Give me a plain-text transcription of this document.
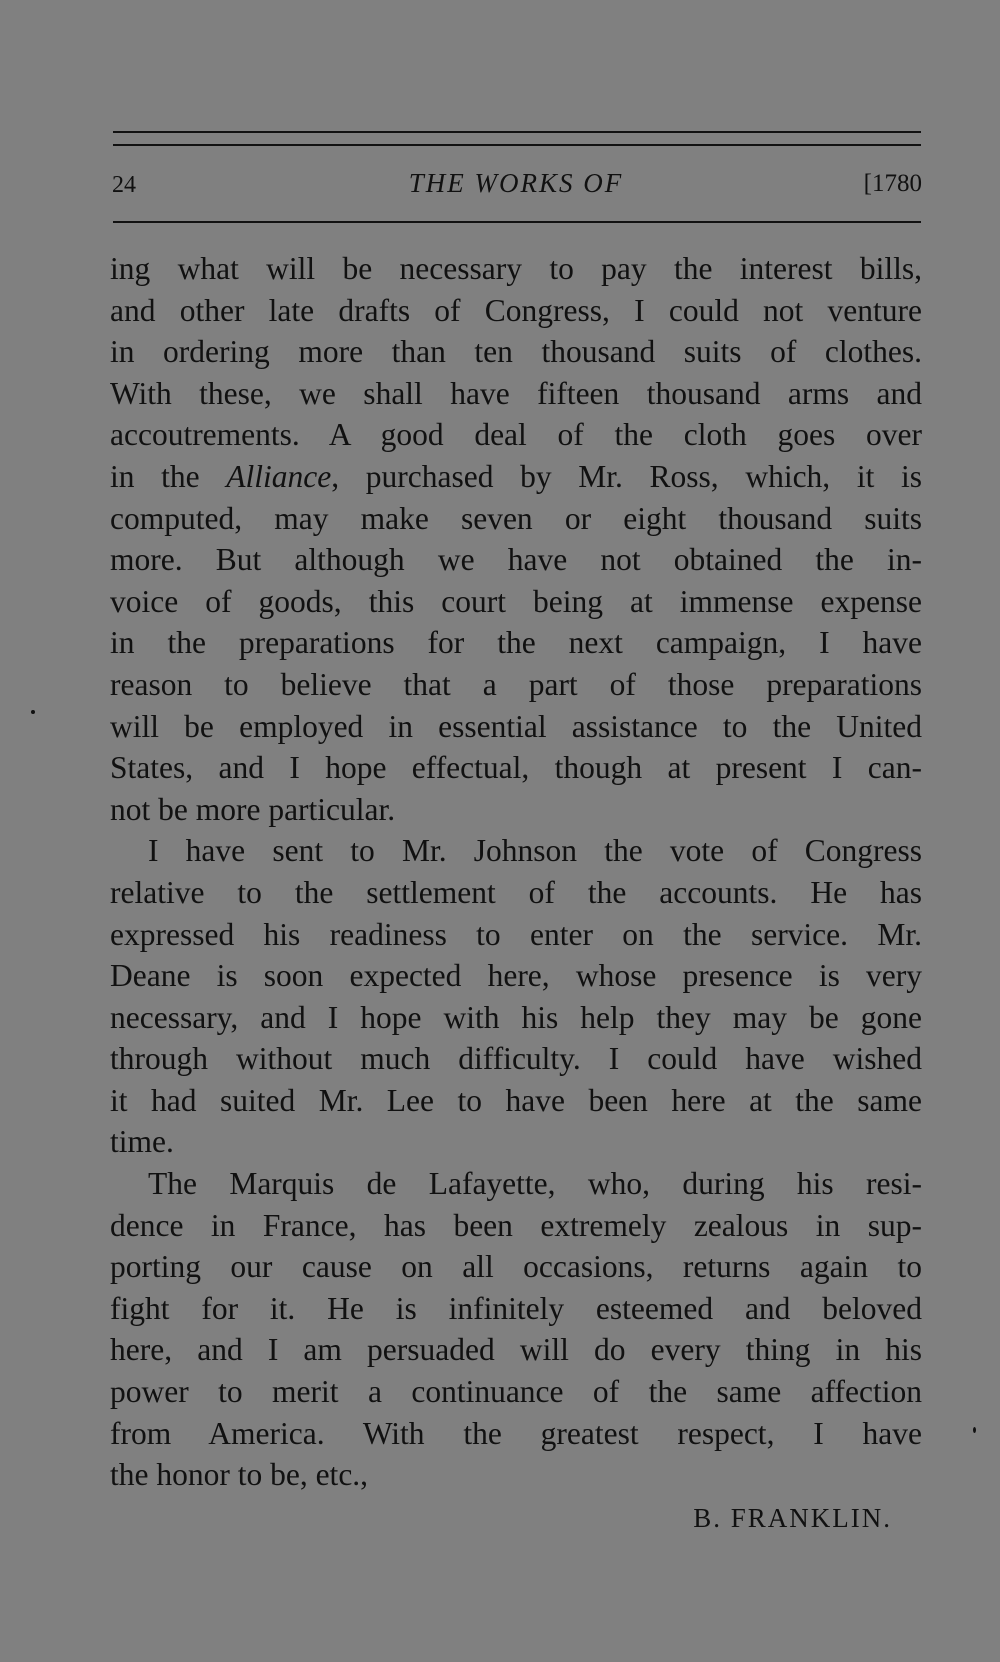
24	THE WORKS OF	[1780
ing what will be necessary to pay the interest bills,
and other late drafts of Congress, I could not venture
in ordering more than ten thousand suits of clothes.
With these, we shall have fifteen thousand arms and
accoutrements. A good deal of the cloth goes over
in the Alliance, purchased by Mr. Ross, which, it is
computed, may make seven or eight thousand suits
more. But although we have not obtained the in-
voice of goods, this court being at immense expense
in the preparations for the next campaign, I have
reason to believe that a part of those preparations
will be employed in essential assistance to the United
States, and I hope effectual, though at present I can-
not be more particular.
I have sent to Mr. Johnson the vote of Congress
relative to the settlement of the accounts. He has
expressed his readiness to enter on the service. Mr.
Deane is soon expected here, whose presence is very
necessary, and I hope with his help they may be gone
through without much difficulty. I could have wished
it had suited Mr. Lee to have been here at the same
time.
The Marquis de Lafayette, who, during his resi-
dence in France, has been extremely zealous in sup-
porting our cause on all occasions, returns again to
fight for it. He is infinitely esteemed and beloved
here, and I am persuaded will do every thing in his
power to merit a continuance of the same affection
from America. With the greatest respect, I have
the honor to be, etc.,
B. FRANKLIN.
